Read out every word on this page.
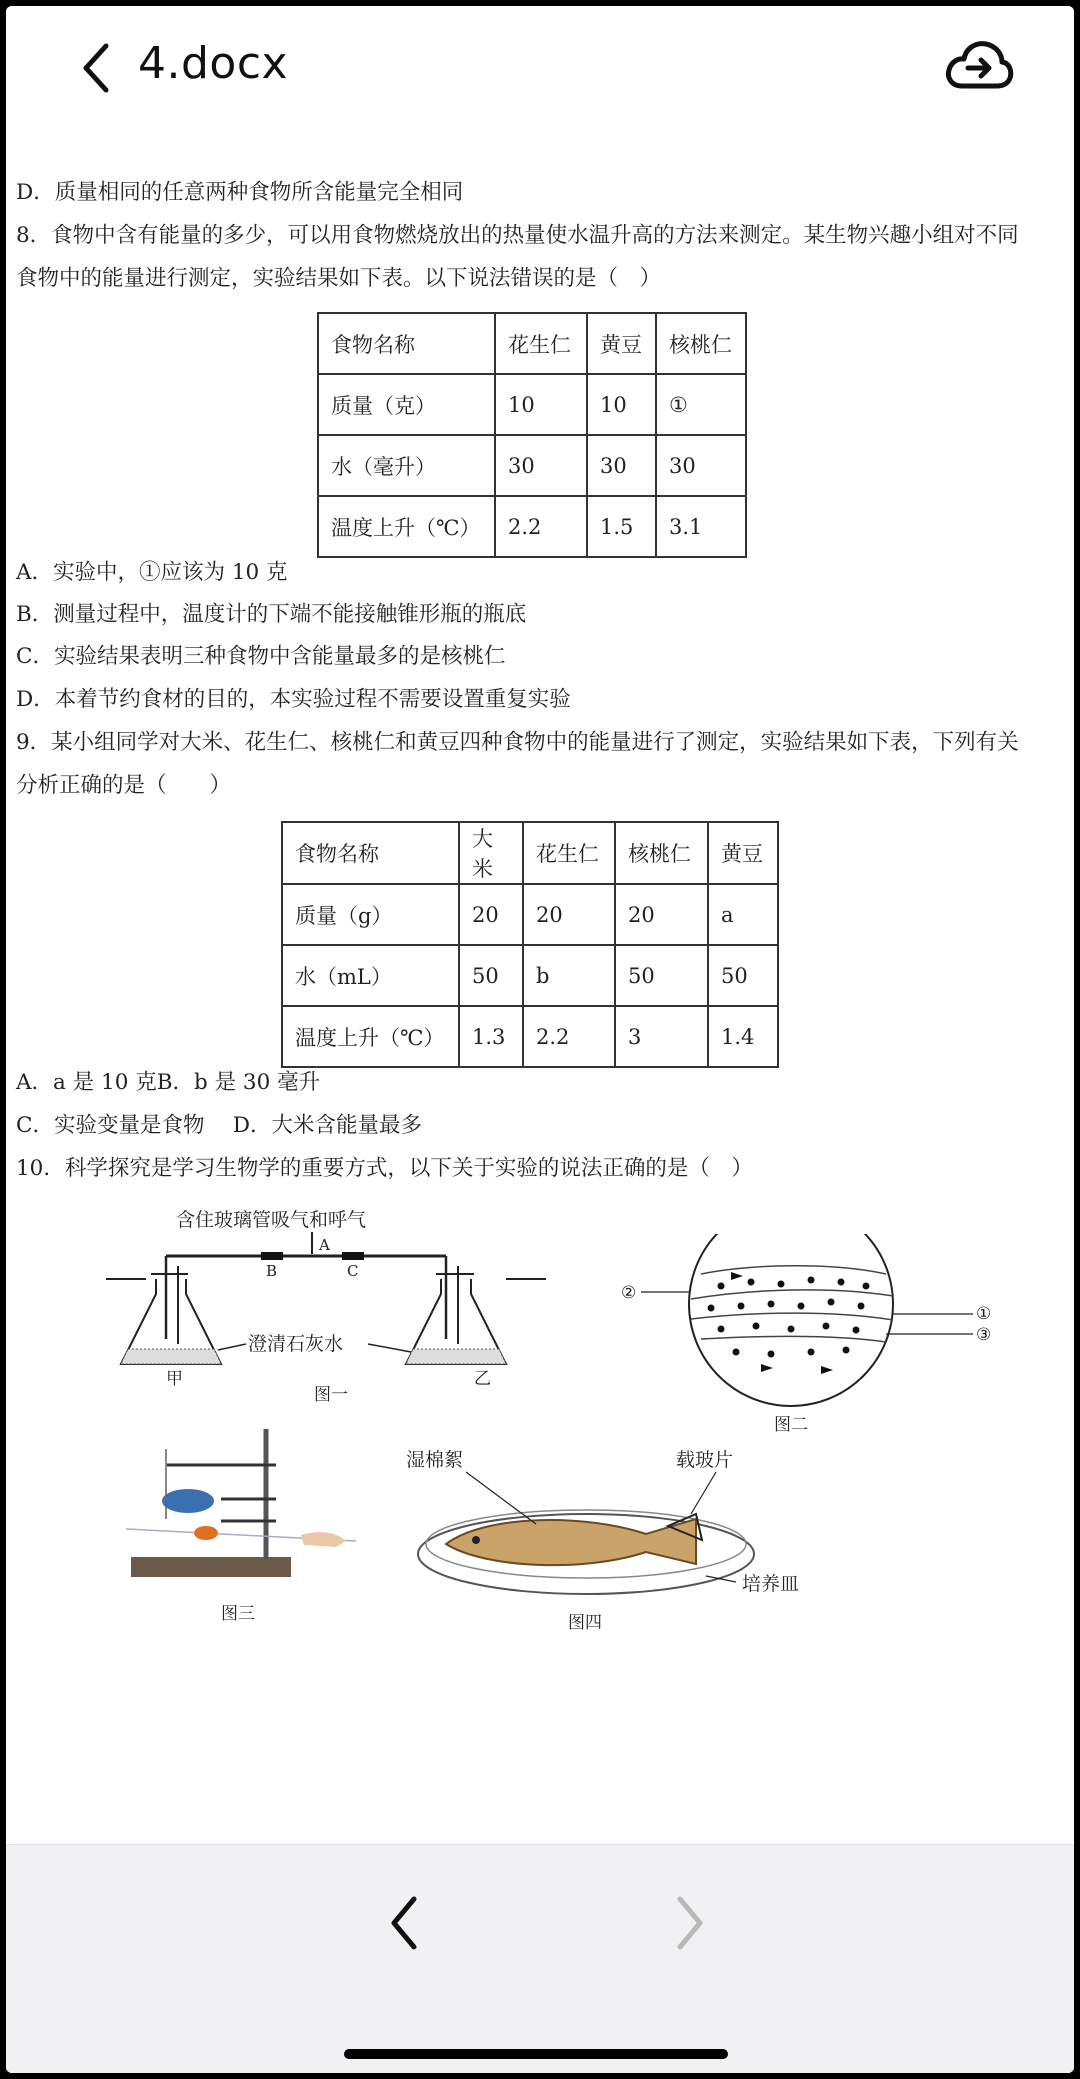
4.docx
D．质量相同的任意两种食物所含能量完全相同
8．食物中含有能量的多少，可以用食物燃烧放出的热量使水温升高的方法来测定。某生物兴趣小组对不同
食物中的能量进行测定，实验结果如下表。以下说法错误的是（　）
食物名称	花生仁	黄豆	核桃仁
质量（克）	10	10	①
水（毫升）	30	30	30
温度上升（℃）	2.2	1.5	3.1
A．实验中，①应该为 10 克
B．测量过程中，温度计的下端不能接触锥形瓶的瓶底
C．实验结果表明三种食物中含能量最多的是核桃仁
D．本着节约食材的目的，本实验过程不需要设置重复实验
9．某小组同学对大米、花生仁、核桃仁和黄豆四种食物中的能量进行了测定，实验结果如下表，下列有关
分析正确的是（　　）
食物名称	大米	花生仁	核桃仁	黄豆
质量（g）	20	20	20	a
水（mL）	50	b	50	50
温度上升（℃）	1.3	2.2	3	1.4
A．a 是 10 克B．b 是 30 毫升
C．实验变量是食物　 D．大米含能量最多
10．科学探究是学习生物学的重要方式，以下关于实验的说法正确的是（　）
含住玻璃管吸气和呼气
A
B	C
澄清石灰水
甲	乙
图一
②
①
③
图二
图三
湿棉絮	载玻片
培养皿
图四
